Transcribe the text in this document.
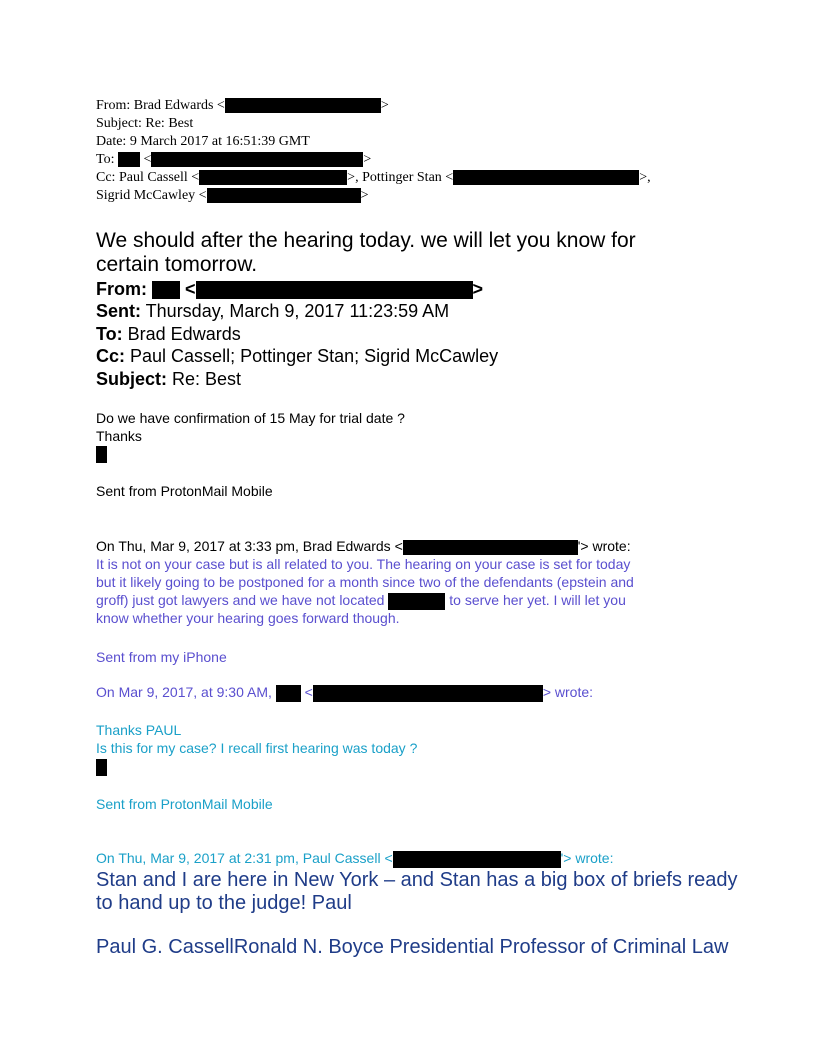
From: Brad Edwards <	>
Subject: Re: Best
Date: 9 March 2017 at 16:51:39 GMT
To: <	>
Cc: Paul Cassell <	>, Pottinger Stan <	>,
Sigrid McCawley <	>
We should after the hearing today. we will let you know for
certain tomorrow.
From: <	>
Sent: Thursday, March 9, 2017 11:23:59 AM
To: Brad Edwards
Cc: Paul Cassell; Pottinger Stan; Sigrid McCawley
Subject: Re: Best
Do we have confirmation of 15 May for trial date ?
Thanks
Sent from ProtonMail Mobile
On Thu, Mar 9, 2017 at 3:33 pm, Brad Edwards <	'> wrote:
It is not on your case but is all related to you. The hearing on your case is set for today
but it likely going to be postponed for a month since two of the defendants (epstein and
groff) just got lawyers and we have not located	to serve her yet. I will let you
know whether your hearing goes forward though.
Sent from my iPhone
On Mar 9, 2017, at 9:30 AM, <	> wrote:
Thanks PAUL
Is this for my case? I recall first hearing was today ?
Sent from ProtonMail Mobile
On Thu, Mar 9, 2017 at 2:31 pm, Paul Cassell <	'> wrote:
Stan and I are here in New York – and Stan has a big box of briefs ready
to hand up to the judge! Paul
Paul G. CassellRonald N. Boyce Presidential Professor of Criminal Law
